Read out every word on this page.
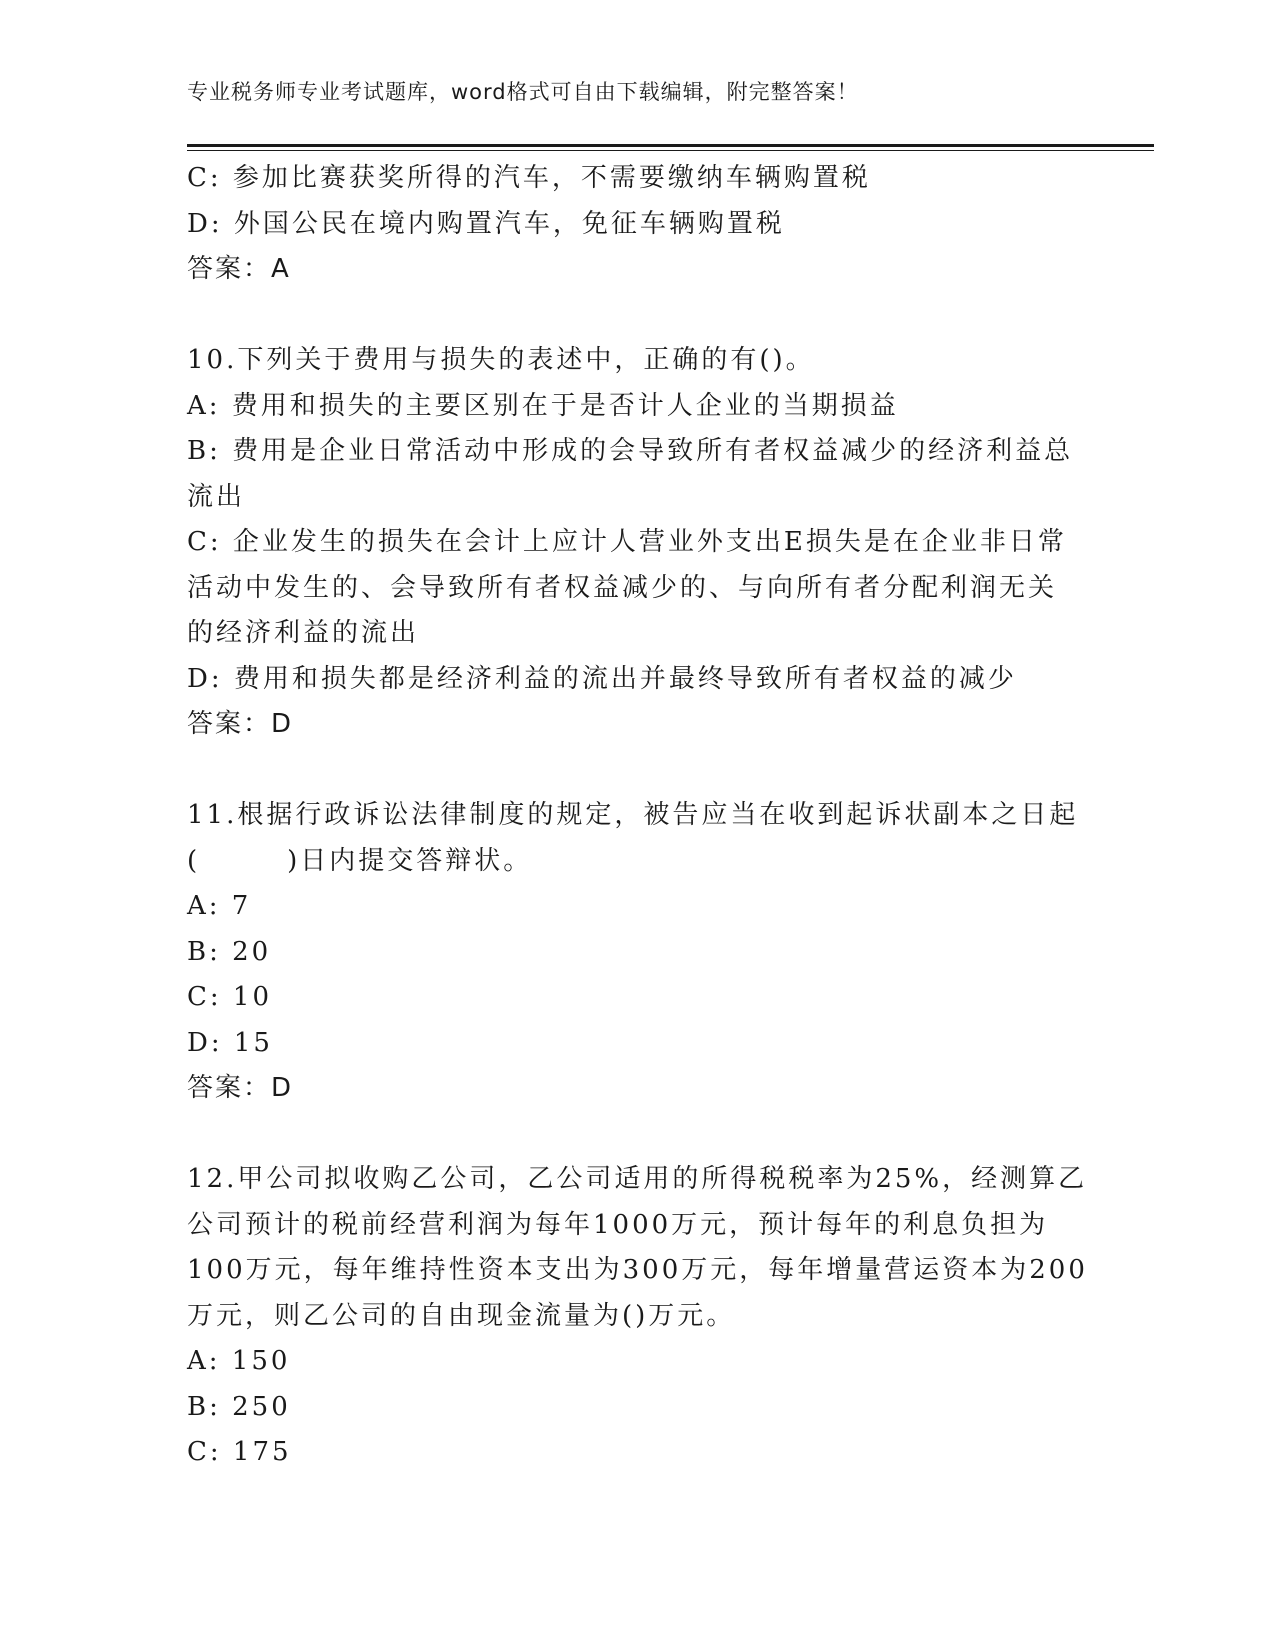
专业税务师专业考试题库，word格式可自由下载编辑，附完整答案！
C: 参加比赛获奖所得的汽车，不需要缴纳车辆购置税
D: 外国公民在境内购置汽车，免征车辆购置税
答案：A
10.下列关于费用与损失的表述中，正确的有()。
A: 费用和损失的主要区别在于是否计人企业的当期损益
B: 费用是企业日常活动中形成的会导致所有者权益减少的经济利益总
流出
C: 企业发生的损失在会计上应计人营业外支出E损失是在企业非日常
活动中发生的、会导致所有者权益减少的、与向所有者分配利润无关
的经济利益的流出
D: 费用和损失都是经济利益的流出并最终导致所有者权益的减少
答案：D
11.根据行政诉讼法律制度的规定，被告应当在收到起诉状副本之日起
(　　　)日内提交答辩状。
A: 7
B: 20
C: 10
D: 15
答案：D
12.甲公司拟收购乙公司，乙公司适用的所得税税率为25%，经测算乙
公司预计的税前经营利润为每年1000万元，预计每年的利息负担为
100万元，每年维持性资本支出为300万元，每年增量营运资本为200
万元，则乙公司的自由现金流量为()万元。
A: 150
B: 250
C: 175
